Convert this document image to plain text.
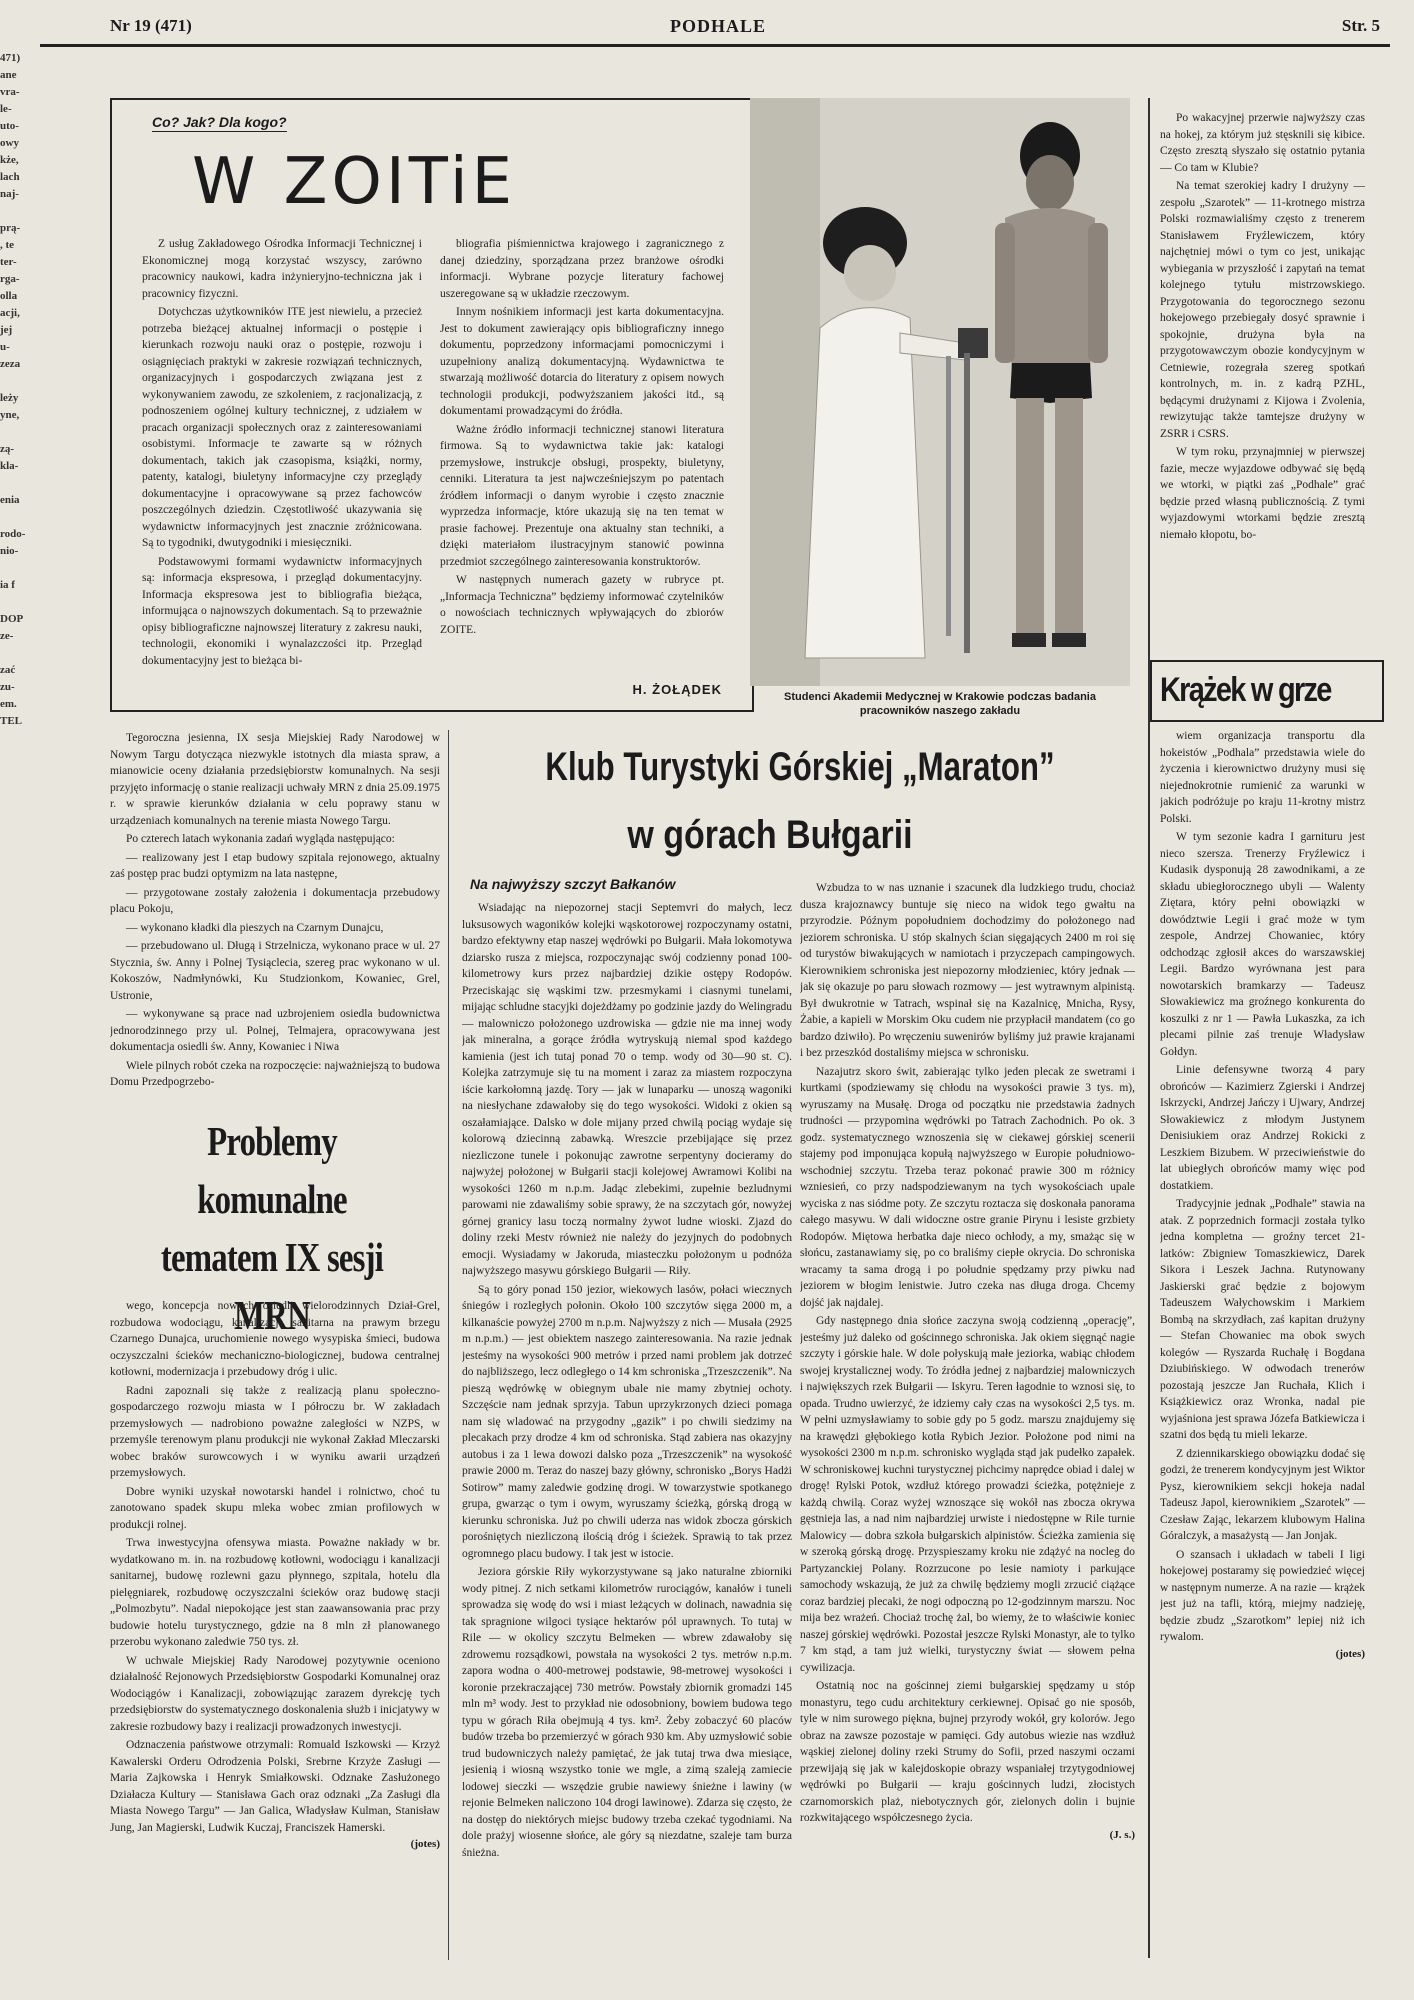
Nr 19 (471)	PODHALE	Str. 5
471)
ane
vra-
le-
uto-
owy
kże,
lach
naj-

prą-
, te
ter-
rga-
olla
acji,
jej
u-
zeza

leży
yne,

zą-
kla-

enia

rodo-
nio-

ia f

DOP
ze-

zać
zu-
em.
TEL
Co? Jak? Dla kogo?
W ZOITiE

Z usług Zakładowego Ośrodka Informacji Technicznej i Ekonomicznej mogą korzystać wszyscy, zarówno pracownicy naukowi, kadra inżynieryjno-techniczna jak i pracownicy fizyczni.

Dotychczas użytkowników ITE jest niewielu, a przecież potrzeba bieżącej aktualnej informacji o postępie i kierunkach rozwoju nauki oraz o postępie, rozwoju i osiągnięciach praktyki w zakresie rozwiązań technicznych, organizacyjnych i gospodarczych związana jest z wykonywaniem zawodu, ze szkoleniem, z racjonalizacją, z podnoszeniem ogólnej kultury technicznej, z udziałem w pracach organizacji społecznych oraz z zainteresowaniami osobistymi. Informacje te zawarte są w różnych dokumentach, takich jak czasopisma, książki, normy, patenty, katalogi, biuletyny informacyjne czy przeglądy dokumentacyjne i opracowywane są przez fachowców poszczególnych dziedzin. Częstotliwość ukazywania się wydawnictw informacyjnych jest znacznie zróżnicowana. Są to tygodniki, dwutygodniki i miesięczniki.

Podstawowymi formami wydawnictw informacyjnych są: informacja ekspresowa, i przegląd dokumentacyjny. Informacja ekspresowa jest to bibliografia bieżąca, informująca o najnowszych dokumentach. Są to przeważnie opisy bibliograficzne najnowszej literatury z zakresu nauki, technologii, ekonomiki i wynalazczości itp. Przegląd dokumentacyjny jest to bieżąca bi-

bliografia piśmiennictwa krajowego i zagranicznego z danej dziedziny, sporządzana przez branżowe ośrodki informacji. Wybrane pozycje literatury fachowej uszeregowane są w układzie rzeczowym.

Innym nośnikiem informacji jest karta dokumentacyjna. Jest to dokument zawierający opis bibliograficzny innego dokumentu, poprzedzony informacjami pomocniczymi i uzupełniony analizą dokumentacyjną. Wydawnictwa te stwarzają możliwość dotarcia do literatury z opisem nowych technologii produkcji, podwyższaniem jakości itd., są dokumentami prowadzącymi do źródła.

Ważne źródło informacji technicznej stanowi literatura firmowa. Są to wydawnictwa takie jak: katalogi przemysłowe, instrukcje obsługi, prospekty, biuletyny, cenniki. Literatura ta jest najwcześniejszym po patentach źródłem informacji o danym wyrobie i często znacznie wyprzedza informacje, które ukazują się na ten temat w prasie fachowej. Prezentuje ona aktualny stan techniki, a dzięki materiałom ilustracyjnym stanowić powinna przedmiot szczególnego zainteresowania konstruktorów.

W następnych numerach gazety w rubryce pt. „Informacja Techniczna” będziemy informować czytelników o nowościach technicznych wpływających do zbiorów ZOITE.

H. ŻOŁĄDEK	Studenci Akademii Medycznej w Krakowie podczas badania pracowników naszego zakładu

Po wakacyjnej przerwie najwyższy czas na hokej, za którym już stęsknili się kibice. Często zresztą słyszało się ostatnio pytania — Co tam w Klubie?

Na temat szerokiej kadry I drużyny — zespołu „Szarotek” — 11-krotnego mistrza Polski rozmawialiśmy często z trenerem Stanisławem Fryźlewiczem, który najchętniej mówi o tym co jest, unikając wybiegania w przyszłość i zapytań na temat kolejnego tytułu mistrzowskiego. Przygotowania do tegorocznego sezonu hokejowego przebiegały dosyć sprawnie i spokojnie, drużyna była na przygotowawczym obozie kondycyjnym w Cetniewie, rozegrała szereg spotkań kontrolnych, m. in. z kadrą PZHL, będącymi drużynami z Kijowa i Zvolenia, rewizytując także tamtejsze drużyny w ZSRR i CSRS.

W tym roku, przynajmniej w pierwszej fazie, mecze wyjazdowe odbywać się będą we wtorki, w piątki zaś „Podhale” grać będzie przed własną publicznością. Z tymi wyjazdowymi wtorkami będzie zresztą niemało kłopotu, bo-

Krążek w grze

wiem organizacja transportu dla hokeistów „Podhala” przedstawia wiele do życzenia i kierownictwo drużyny musi się niejednokrotnie rumienić za warunki w jakich podróżuje po kraju 11-krotny mistrz Polski.

W tym sezonie kadra I garnituru jest nieco szersza. Trenerzy Fryźlewicz i Kudasik dysponują 28 zawodnikami, a ze składu ubiegłorocznego ubyli — Walenty Ziętara, który pełni obowiązki w dowództwie Legii i grać może w tym zespole, Andrzej Chowaniec, który odchodząc zgłosił akces do warszawskiej Legii. Bardzo wyrównana jest para nowotarskich bramkarzy — Tadeusz Słowakiewicz ma groźnego konkurenta do koszulki z nr 1 — Pawła Lukaszka, za ich plecami pilnie zaś trenuje Władysław Gołdyn.

Linie defensywne tworzą 4 pary obrońców — Kazimierz Zgierski i Andrzej Iskrzycki, Andrzej Jańczy i Ujwary, Andrzej Słowakiewicz z młodym Justynem Denisiukiem oraz Andrzej Rokicki z Leszkiem Bizubem. W przeciwieństwie do lat ubiegłych obrońców mamy więc pod dostatkiem.

Tradycyjnie jednak „Podhale” stawia na atak. Z poprzednich formacji została tylko jedna kompletna — groźny tercet 21-latków: Zbigniew Tomaszkiewicz, Darek Sikora i Leszek Jachna. Rutynowany Jaskierski grać będzie z bojowym Tadeuszem Wałychowskim i Markiem Bombą na skrzydłach, zaś kapitan drużyny — Stefan Chowaniec ma obok swych kolegów — Ryszarda Ruchałę i Bogdana Dziubińskiego. W odwodach trenerów pozostają jeszcze Jan Ruchała, Klich i Książkiewicz oraz Wronka, nadal pie wyjaśniona jest sprawa Józefa Batkiewicza i szatni dos będą tu mieli lekarze.

Z dziennikarskiego obowiązku dodać się godzi, że trenerem kondycyjnym jest Wiktor Pysz, kierownikiem sekcji hokeja nadal Tadeusz Japol, kierownikiem „Szarotek” — Czesław Zając, lekarzem klubowym Halina Góralczyk, a masażystą — Jan Jonjak.

O szansach i układach w tabeli I ligi hokejowej postaramy się powiedzieć więcej w następnym numerze. A na razie — krążek jest już na tafli, którą, miejmy nadzieję, będzie zbudz „Szarotkom” lepiej niż ich rywalom.

(jotes)

Tegoroczna jesienna, IX sesja Miejskiej Rady Narodowej w Nowym Targu dotycząca niezwykle istotnych dla miasta spraw, a mianowicie oceny działania przedsiębiorstw komunalnych. Na sesji przyjęto informację o stanie realizacji uchwały MRN z dnia 25.09.1975 r. w sprawie kierunków działania w celu poprawy stanu w urządzeniach komunalnych na terenie miasta Nowego Targu.

Po czterech latach wykonania zadań wygląda następująco:

— realizowany jest I etap budowy szpitala rejonowego, aktualny zaś postęp prac budzi optymizm na lata następne,

— przygotowane zostały założenia i dokumentacja przebudowy placu Pokoju,

— wykonano kładki dla pieszych na Czarnym Dunajcu,

— przebudowano ul. Długą i Strzelnicza, wykonano prace w ul. 27 Stycznia, św. Anny i Polnej Tysiąclecia, szereg prac wykonano w ul. Kokoszów, Nadmłynówki, Ku Studzionkom, Kowaniec, Grel, Ustronie,

— wykonywane są prace nad uzbrojeniem osiedla budownictwa jednorodzinnego przy ul. Polnej, Telmajera, opracowywana jest dokumentacja osiedli św. Anny, Kowaniec i Niwa

Wiele pilnych robót czeka na rozpoczęcie: najważniejszą to budowa Domu Przedpogrzebo-

Problemy komunalne tematem IX sesji MRN

wego, koncepcja nowych osiedli wielorodzinnych Dział-Grel, rozbudowa wodociągu, kanalizacja sanitarna na prawym brzegu Czarnego Dunajca, uruchomienie nowego wysypiska śmieci, budowa oczyszczalni ścieków mechaniczno-biologicznej, budowa centralnej kotłowni, modernizacja i przebudowy dróg i ulic.

Radni zapoznali się także z realizacją planu społeczno-gospodarczego rozwoju miasta w I półroczu br. W zakładach przemysłowych — nadrobiono poważne zaległości w NZPS, w przemyśle terenowym planu produkcji nie wykonał Zakład Mleczarski wobec braków surowcowych i w wyniku awarii urządzeń przemysłowych.

Dobre wyniki uzyskał nowotarski handel i rolnictwo, choć tu zanotowano spadek skupu mleka wobec zmian profilowych w produkcji rolnej.

Trwa inwestycyjna ofensywa miasta. Poważne nakłady w br. wydatkowano m. in. na rozbudowę kotłowni, wodociągu i kanalizacji sanitarnej, budowę rozlewni gazu płynnego, szpitala, hotelu dla pielęgniarek, rozbudowę oczyszczalni ścieków oraz budowę stacji „Polmozbytu”. Nadal niepokojące jest stan zaawansowania prac przy budowie hotelu turystycznego, gdzie na 8 mln zł planowanego przerobu wykonano zaledwie 750 tys. zł.

W uchwale Miejskiej Rady Narodowej pozytywnie oceniono działalność Rejonowych Przedsiębiorstw Gospodarki Komunalnej oraz Wodociągów i Kanalizacji, zobowiązując zarazem dyrekcję tych przedsiębiorstw do systematycznego doskonalenia służb i inicjatywy w zakresie rozbudowy bazy i realizacji prowadzonych inwestycji.

Odznaczenia państwowe otrzymali: Romuald Iszkowski — Krzyż Kawalerski Orderu Odrodzenia Polski, Srebrne Krzyże Zasługi — Maria Zajkowska i Henryk Smiałkowski. Odznake Zasłużonego Działacza Kultury — Stanisława Gach oraz odznaki „Za Zasługi dla Miasta Nowego Targu” — Jan Galica, Władysław Kulman, Stanisław Jung, Jan Magierski, Ludwik Kuczaj, Franciszek Hamerski.

(jotes)
Klub Turystyki Górskiej „Maraton”
w górach Bułgarii
Na najwyższy szczyt Bałkanów

Wsiadając na niepozornej stacji Septemvri do małych, lecz luksusowych wagoników kolejki wąskotorowej rozpoczynamy ostatni, bardzo efektywny etap naszej wędrówki po Bułgarii. Mała lokomotywa dziarsko rusza z miejsca, rozpoczynając swój codzienny ponad 100-kilometrowy kurs przez najbardziej dzikie ostępy Rodopów. Przeciskając się wąskimi tzw. przesmykami i ciasnymi tunelami, mijając schludne stacyjki dojeżdżamy po godzinie jazdy do Welingradu — malowniczo położonego uzdrowiska — gdzie nie ma innej wody jak mineralna, a gorące źródła wytryskują niemal spod każdego kamienia (jest ich tutaj ponad 70 o temp. wody od 30—90 st. C). Kolejka zatrzymuje się tu na moment i zaraz za miastem rozpoczyna iście karkołomną jazdę. Tory — jak w lunaparku — unoszą wagoniki na niesłychane zdawałoby się do tego wysokości. Widoki z okien są oszałamiające. Dalsko w dole mijany przed chwilą pociąg wydaje się kolorową dziecinną zabawką. Wreszcie przebijające się przez niezliczone tunele i pokonując zawrotne serpentyny docieramy do najwyżej położonej w Bułgarii stacji kolejowej Awramowi Kolibi na wysokości 1260 m n.p.m. Jadąc zlebekimi, zupełnie bezludnymi parowami nie zdawaliśmy sobie sprawy, że na szczytach gór, nowyżej górnej granicy lasu toczą normalny żywot ludne wioski. Zjazd do doliny rzeki Mestv również nie należy do jezyjnych do podobnych emocji. Wysiadamy w Jakoruda, miasteczku położonym u podnóża najwyższego masywu górskiego Bułgarii — Riły.

Są to góry ponad 150 jezior, wiekowych lasów, połaci wiecznych śniegów i rozległych połonin. Około 100 szczytów sięga 2000 m, a kilkanaście powyżej 2700 m n.p.m. Najwyższy z nich — Musała (2925 m n.p.m.) — jest obiektem naszego zainteresowania. Na razie jednak jesteśmy na wysokości 900 metrów i przed nami problem jak dotrzeć do najbliższego, lecz odległego o 14 km schroniska „Trzeszczenik”. Na pieszą wędrówkę w obiegnym ubale nie mamy zbytniej ochoty. Szczęście nam jednak sprzyja. Tabun uprzykrzonych dzieci pomaga nam się wladować na przygodny „gazik” i po chwili siedzimy na plecakach przy drodze 4 km od schroniska. Stąd zabiera nas okazyjny autobus i za 1 lewa dowozi dalsko poza „Trzeszczenik” na wysokość prawie 2000 m. Teraz do naszej bazy główny, schronisko „Borys Hadżi Sotirow” mamy zaledwie godzinę drogi. W towarzystwie spotkanego grupa, gwarząc o tym i owym, wyruszamy ścieżką, górską drogą w kierunku schroniska. Już po chwili uderza nas widok zbocza górskich porośniętych niezliczoną ilością dróg i ścieżek. Sprawią to tak przez ogromnego placu budowy. I tak jest w istocie.

Jeziora górskie Riły wykorzystywane są jako naturalne zbiorniki wody pitnej. Z nich setkami kilometrów rurociągów, kanałów i tuneli sprowadza się wodę do wsi i miast leżących w dolinach, nawadnia się tak spragnione wilgoci tysiące hektarów pól uprawnych. To tutaj w Rile — w okolicy szczytu Belmeken — wbrew zdawałoby się zdrowemu rozsądkowi, powstała na wysokości 2 tys. metrów n.p.m. zapora wodna o 400-metrowej podstawie, 98-metrowej wysokości i koronie przekraczającej 730 metrów. Powstały zbiornik gromadzi 145 mln m³ wody. Jest to przykład nie odosobniony, bowiem budowa tego typu w górach Riła obejmują 4 tys. km². Żeby zobaczyć 60 placów budów trzeba bo przemierzyć w górach 930 km. Aby uzmysłowić sobie trud budowniczych należy pamiętać, że jak tutaj trwa dwa miesiące, jesienią i wiosną wszystko tonie we mgle, a zimą szaleją zamiecie lodowej sieczki — wszędzie grubie nawiewy śnieżne i lawiny (w rejonie Belmeken naliczono 104 drogi lawinowe). Zdarza się często, że na dostęp do niektórych miejsc budowy trzeba czekać tygodniami. Na dole prażyj wiosenne słońce, ale góry są niezdatne, szaleje tam burza śnieżna.

Wzbudza to w nas uznanie i szacunek dla ludzkiego trudu, chociaż dusza krajoznawcy buntuje się nieco na widok tego gwałtu na przyrodzie. Późnym popołudniem dochodzimy do położonego nad jeziorem schroniska. U stóp skalnych ścian sięgających 2400 m roi się od turystów biwakujących w namiotach i przyczepach campingowych. Kierownikiem schroniska jest niepozorny młodzieniec, który jednak — jak się okazuje po paru słowach rozmowy — jest wytrawnym alpinistą. Był dwukrotnie w Tatrach, wspinał się na Kazalnicę, Mnicha, Rysy, Żabie, a kapieli w Morskim Oku cudem nie przypłacił mandatem (co go bardzo dziwiło). Po wręczeniu suwenirów byliśmy już prawie krajanami i bez przeszkód dostaliśmy miejsca w schronisku.

Nazajutrz skoro świt, zabierając tylko jeden plecak ze swetrami i kurtkami (spodziewamy się chłodu na wysokości prawie 3 tys. m), wyruszamy na Musałę. Droga od początku nie przedstawia żadnych trudności — przypomina wędrówki po Tatrach Zachodnich. Po ok. 3 godz. systematycznego wznoszenia się w ciekawej górskiej scenerii stajemy pod imponująca kopułą najwyższego w Europie południowo-wschodniej szczytu. Trzeba teraz pokonać prawie 300 m różnicy wzniesień, co przy nadspodziewanym na tych wysokościach upale wyciska z nas siódme poty. Ze szczytu roztacza się doskonała panorama całego masywu. W dali widoczne ostre granie Pirynu i lesiste grzbiety Rodopów. Miętowa herbatka daje nieco ochłody, a my, smażąc się w słońcu, zastanawiamy się, po co braliśmy ciepłe okrycia. Do schroniska wracamy ta sama drogą i po południe spędzamy przy piwku nad jeziorem w błogim lenistwie. Jutro czeka nas długa droga. Chcemy dojść jak najdalej.

Gdy następnego dnia słońce zaczyna swoją codzienną „operację”, jesteśmy już daleko od gościnnego schroniska. Jak okiem sięgnąć nagie szczyty i górskie hale. W dole połyskują małe jeziorka, wabiąc chłodem swojej krystalicznej wody. To źródła jednej z najbardziej malowniczych i największych rzek Bułgarii — Iskyru. Teren łagodnie to wznosi się, to opada. Trudno uwierzyć, że idziemy cały czas na wysokości 2,5 tys. m. W pełni uzmysławiamy to sobie gdy po 5 godz. marszu znajdujemy się na krawędzi głębokiego kotła Rybich Jezior. Położone pod nimi na wysokości 2300 m n.p.m. schronisko wygląda stąd jak pudełko zapałek. W schroniskowej kuchni turystycznej pichcimy naprędce obiad i dalej w drogę! Rylski Potok, wzdłuż którego prowadzi ścieżka, potężnieje z każdą chwilą. Coraz wyżej wznoszące się wokół nas zbocza okrywa gęstnieja las, a nad nim najbardziej urwiste i niedostępne w Rile turnie Malowicy — dobra szkoła bułgarskich alpinistów. Ścieżka zamienia się w szeroką górską drogę. Przyspieszamy kroku nie zdążyć na nocleg do Partyzanckiej Polany. Rozrzucone po lesie namioty i parkujące samochody wskazują, że już za chwilę będziemy mogli zrzucić ciążące coraz bardziej plecaki, że nogi odpoczną po 12-godzinnym marszu. Noc mija bez wrażeń. Chociaż trochę żal, bo wiemy, że to właściwie koniec naszej górskiej wędrówki. Pozostał jeszcze Rylski Monastyr, ale to tylko 7 km stąd, a tam już wielki, turystyczny świat — słowem pełna cywilizacja.

Ostatnią noc na gościnnej ziemi bułgarskiej spędzamy u stóp monastyru, tego cudu architektury cerkiewnej. Opisać go nie sposób, tyle w nim surowego piękna, bujnej przyrody wokół, gry kolorów. Jego obraz na zawsze pozostaje w pamięci. Gdy autobus wiezie nas wzdłuż wąskiej zielonej doliny rzeki Strumy do Sofii, przed naszymi oczami przewijają się jak w kalejdoskopie obrazy wspaniałej trzytygodniowej wędrówki po Bułgarii — kraju gościnnych ludzi, złocistych czarnomorskich plaż, niebotycznych gór, zielonych dolin i bujnie rozkwitającego współczesnego życia.

(J. s.)
